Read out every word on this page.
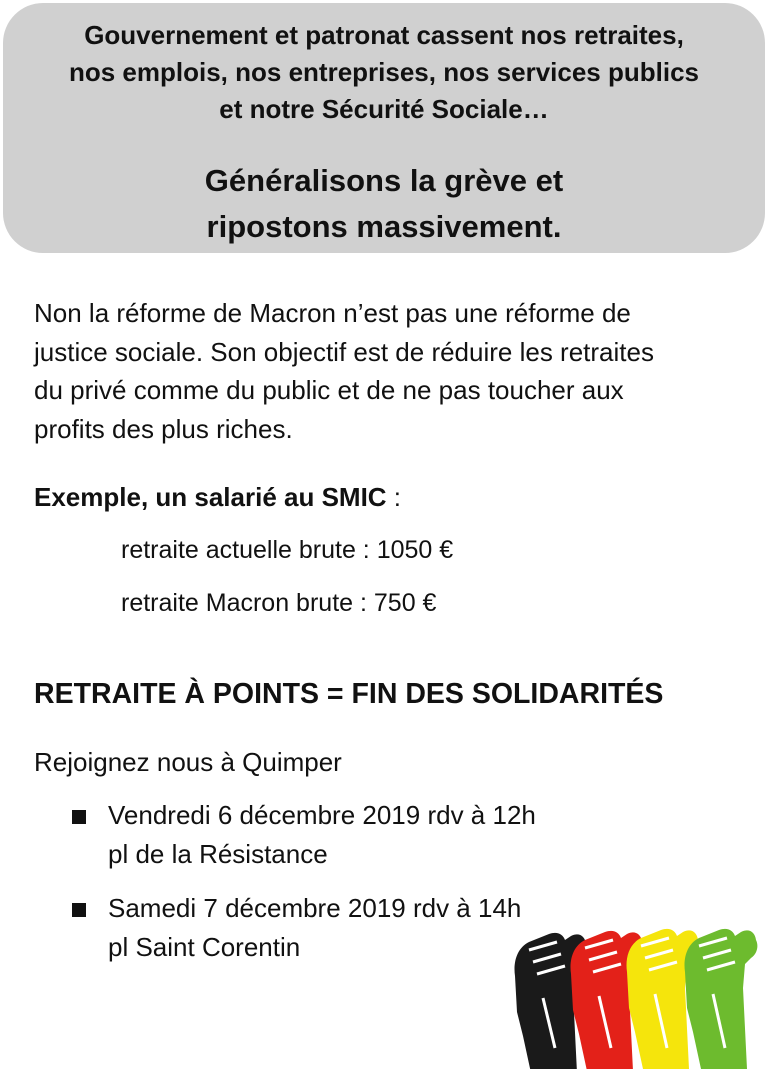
Gouvernement et patronat cassent nos retraites,
nos emplois, nos entreprises, nos services publics
et notre Sécurité Sociale…
Généralisons la grève et
ripostons massivement.
Non la réforme de Macron n’est pas une réforme de
justice sociale. Son objectif est de réduire les retraites
du privé comme du public et de ne pas toucher aux
profits des plus riches.
Exemple, un salarié au SMIC :
retraite actuelle brute : 1050 €
retraite Macron brute : 750 €
RETRAITE À POINTS = FIN DES SOLIDARITÉS
Rejoignez nous à Quimper
Vendredi 6 décembre 2019 rdv à 12h
pl de la Résistance
Samedi 7 décembre 2019 rdv à 14h
pl Saint Corentin
